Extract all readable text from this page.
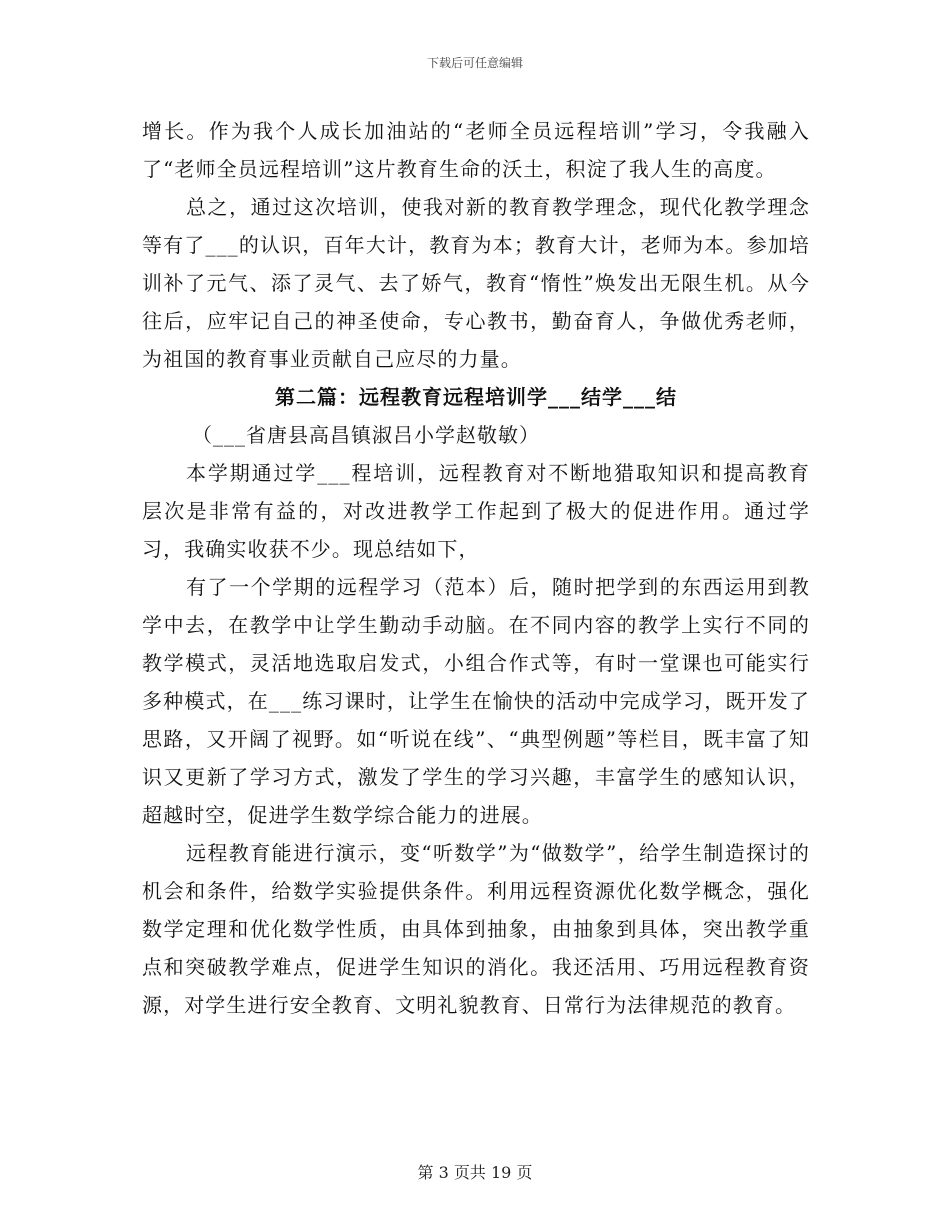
下载后可任意编辑

增长。作为我个人成长加油站的“老师全员远程培训”学习，令我融入了“老师全员远程培训”这片教育生命的沃土，积淀了我人生的高度。

总之，通过这次培训，使我对新的教育教学理念，现代化教学理念等有了___的认识，百年大计，教育为本；教育大计，老师为本。参加培训补了元气、添了灵气、去了娇气，教育“惰性”焕发出无限生机。从今往后，应牢记自己的神圣使命，专心教书，勤奋育人，争做优秀老师，为祖国的教育事业贡献自己应尽的力量。

第二篇：远程教育远程培训学___结学___结

（___省唐县高昌镇淑吕小学赵敬敏）

本学期通过学___程培训，远程教育对不断地猎取知识和提高教育层次是非常有益的，对改进教学工作起到了极大的促进作用。通过学习，我确实收获不少。现总结如下，

有了一个学期的远程学习（范本）后，随时把学到的东西运用到教学中去，在教学中让学生勤动手动脑。在不同内容的教学上实行不同的教学模式，灵活地选取启发式，小组合作式等，有时一堂课也可能实行多种模式，在___练习课时，让学生在愉快的活动中完成学习，既开发了思路，又开阔了视野。如“听说在线”、“典型例题”等栏目，既丰富了知识又更新了学习方式，激发了学生的学习兴趣，丰富学生的感知认识，超越时空，促进学生数学综合能力的进展。

远程教育能进行演示，变“听数学”为“做数学”，给学生制造探讨的机会和条件，给数学实验提供条件。利用远程资源优化数学概念，强化数学定理和优化数学性质，由具体到抽象，由抽象到具体，突出教学重点和突破教学难点，促进学生知识的消化。我还活用、巧用远程教育资源，对学生进行安全教育、文明礼貌教育、日常行为法律规范的教育。

第 3 页共 19 页
